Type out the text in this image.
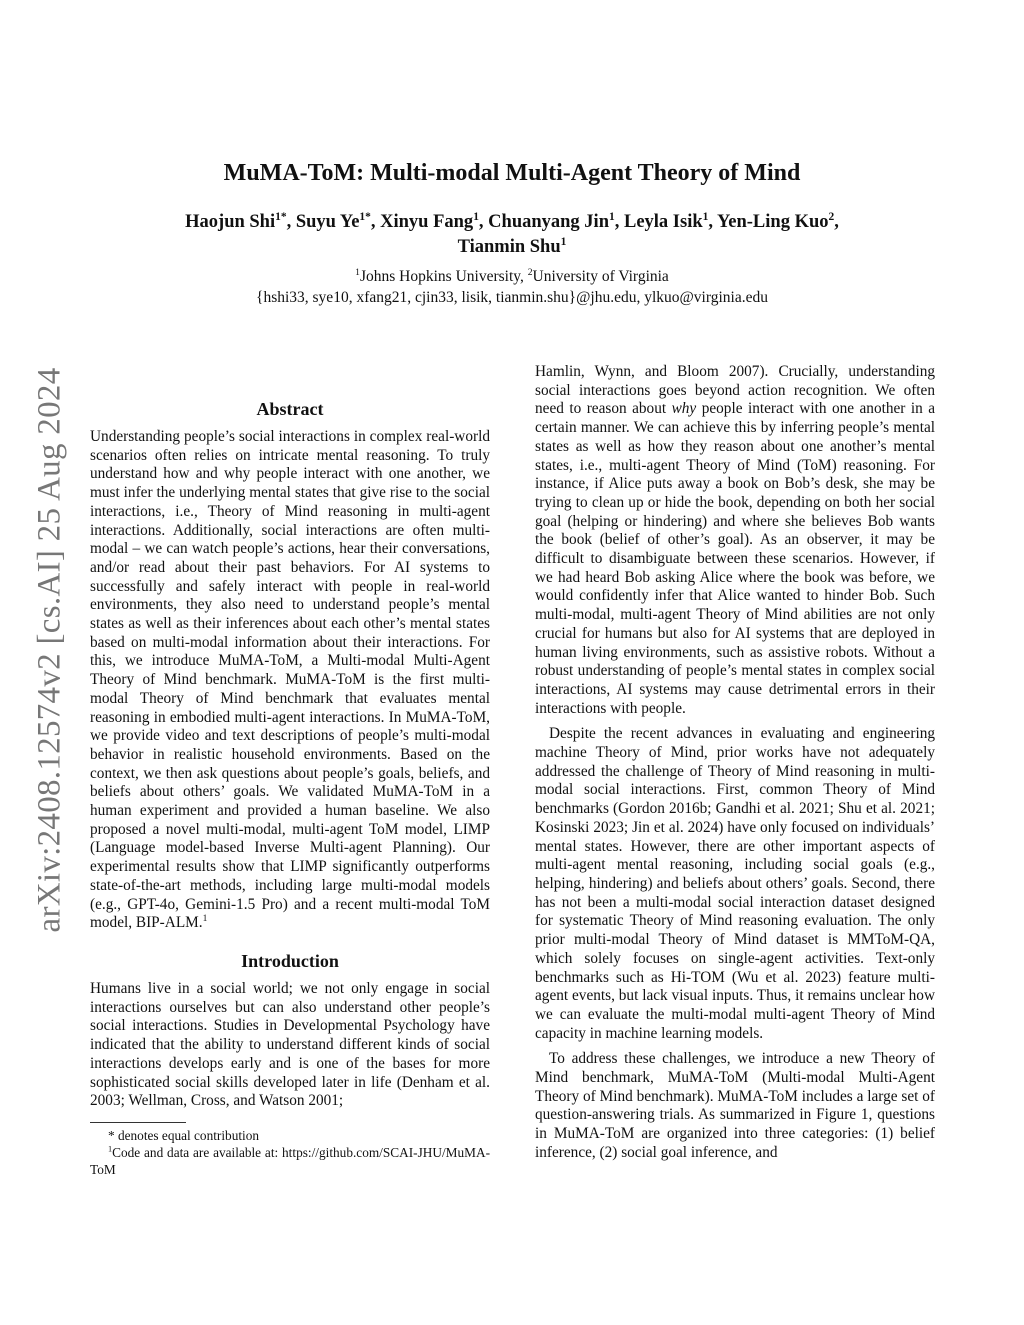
arXiv:2408.12574v2 [cs.AI] 25 Aug 2024
MuMA-ToM: Multi-modal Multi-Agent Theory of Mind
Haojun Shi$^{1*}$, Suyu $Ye^{1*}$, Xinyu Fang$^1$, Chuanyang Jin$^1$, Leyla Isik$^1$, Yen-Ling Kuo$^2$,
Tianmin Shu$^1$
$^1$Johns Hopkins University, $^2$University of Virginia
{hshi33, sye10, xfang21, cjin33, lisik, tianmin.shu}@jhu.edu, ylkuo@virginia.edu
Abstract

Understanding people’s social interactions in complex real-world scenarios often relies on intricate mental reasoning. To truly understand how and why people interact with one another, we must infer the underlying mental states that give rise to the social interactions, i.e., Theory of Mind reasoning in multi-agent interactions. Additionally, social interactions are often multi-modal – we can watch people’s actions, hear their conversations, and/or read about their past behaviors. For AI systems to successfully and safely interact with people in real-world environments, they also need to understand people’s mental states as well as their inferences about each other’s mental states based on multi-modal information about their interactions. For this, we introduce MuMA-ToM, a Multi-modal Multi-Agent Theory of Mind benchmark. MuMA-ToM is the first multi-modal Theory of Mind benchmark that evaluates mental reasoning in embodied multi-agent interactions. In MuMA-ToM, we provide video and text descriptions of people’s multi-modal behavior in realistic household environments. Based on the context, we then ask questions about people’s goals, beliefs, and beliefs about others’ goals. We validated MuMA-ToM in a human experiment and provided a human baseline. We also proposed a novel multi-modal, multi-agent ToM model, LIMP (Language model-based Inverse Multi-agent Planning). Our experimental results show that LIMP significantly outperforms state-of-the-art methods, including large multi-modal models (e.g., GPT-4o, Gemini-1.5 Pro) and a recent multi-modal ToM model, BIP-ALM.$^1$

Introduction

Humans live in a social world; we not only engage in social interactions ourselves but can also understand other people’s social interactions. Studies in Developmental Psychology have indicated that the ability to understand different kinds of social interactions develops early and is one of the bases for more sophisticated social skills developed later in life (Denham et al. 2003; Wellman, Cross, and Watson 2001;

* denotes equal contribution

$^1$Code and data are available at: https://github.com/SCAI-JHU/MuMA-ToM

Hamlin, Wynn, and Bloom 2007). Crucially, understanding social interactions goes beyond action recognition. We often need to reason about why people interact with one another in a certain manner. We can achieve this by inferring people’s mental states as well as how they reason about one another’s mental states, i.e., multi-agent Theory of Mind (ToM) reasoning. For instance, if Alice puts away a book on Bob’s desk, she may be trying to clean up or hide the book, depending on both her social goal (helping or hindering) and where she believes Bob wants the book (belief of other’s goal). As an observer, it may be difficult to disambiguate between these scenarios. However, if we had heard Bob asking Alice where the book was before, we would confidently infer that Alice wanted to hinder Bob. Such multi-modal, multi-agent Theory of Mind abilities are not only crucial for humans but also for AI systems that are deployed in human living environments, such as assistive robots. Without a robust understanding of people’s mental states in complex social interactions, AI systems may cause detrimental errors in their interactions with people.

Despite the recent advances in evaluating and engineering machine Theory of Mind, prior works have not adequately addressed the challenge of Theory of Mind reasoning in multi-modal social interactions. First, common Theory of Mind benchmarks (Gordon 2016b; Gandhi et al. 2021; Shu et al. 2021; Kosinski 2023; Jin et al. 2024) have only focused on individuals’ mental states. However, there are other important aspects of multi-agent mental reasoning, including social goals (e.g., helping, hindering) and beliefs about others’ goals. Second, there has not been a multi-modal social interaction dataset designed for systematic Theory of Mind reasoning evaluation. The only prior multi-modal Theory of Mind dataset is MMToM-QA, which solely focuses on single-agent activities. Text-only benchmarks such as Hi-TOM (Wu et al. 2023) feature multi-agent events, but lack visual inputs. Thus, it remains unclear how we can evaluate the multi-modal multi-agent Theory of Mind capacity in machine learning models.

To address these challenges, we introduce a new Theory of Mind benchmark, MuMA-ToM (Multi-modal Multi-Agent Theory of Mind benchmark). MuMA-ToM includes a large set of question-answering trials. As summarized in Figure 1, questions in MuMA-ToM are organized into three categories: (1) belief inference, (2) social goal inference, and
